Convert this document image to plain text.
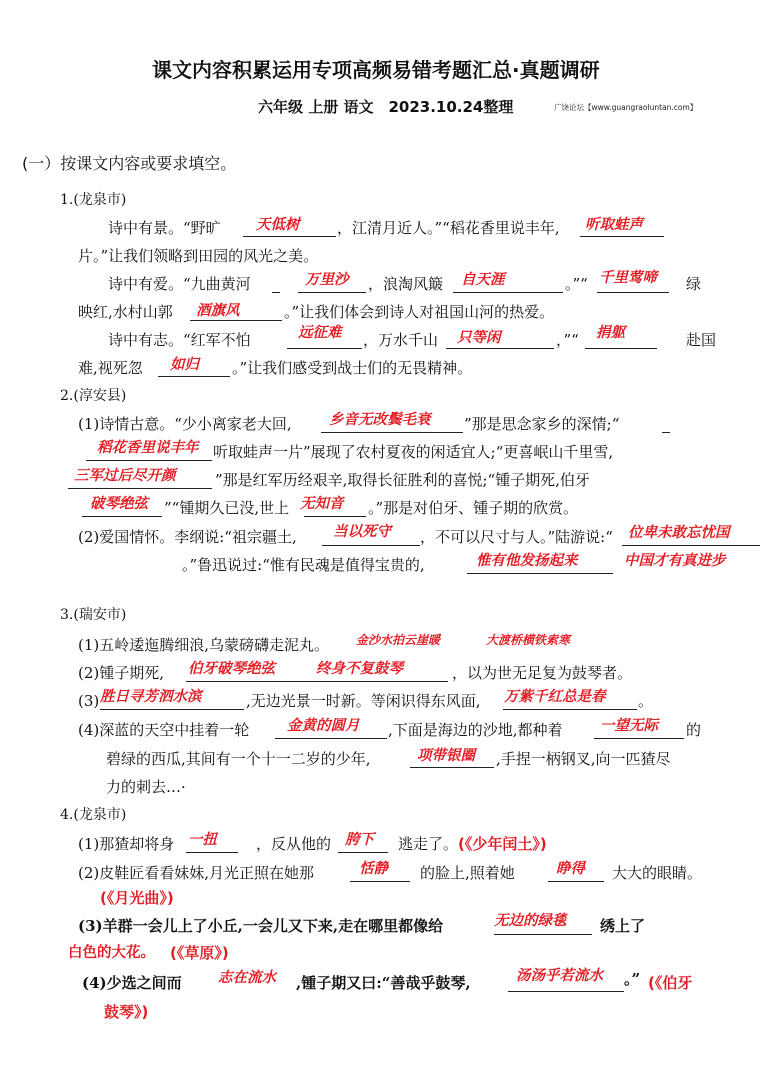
课文内容积累运用专项高频易错考题汇总·真题调研
六年级 上册 语文　2023.10.24整理	广饶论坛【www.guangraoluntan.com】
(一）按课文内容或要求填空。
1.(龙泉市)
诗中有景。“野旷 天低树	，江清月近人。”“稻花香里说丰年, 听取蛙声
片。”让我们领略到田园的风光之美。
诗中有爱。“九曲黄河	万里沙 ，浪淘风簸 自天涯	。”“ 千里莺啼 绿
映红,水村山郭 酒旗风	。”让我们体会到诗人对祖国山河的热爱。
诗中有志。“红军不怕	远征难 ，万水千山 只等闲	，”“ 捐躯	赴国
难,视死忽 如归 。”让我们感受到战士们的无畏精神。
2.(淳安县)
(1)诗情古意。“少小离家老大回,	乡音无改鬓毛衰 ”那是思念家乡的深情;“
稻花香里说丰年 听取蛙声一片”展现了农村夏夜的闲适宜人;“更喜岷山千里雪,
三军过后尽开颜	”那是红军历经艰辛,取得长征胜利的喜悦;“锺子期死,伯牙
破琴绝弦 ”“锺期久已没,世上 无知音 。”那是对伯牙、锺子期的欣赏。
(2)爱国情怀。李纲说:“祖宗疆土,	当以死守 ，不可以尺寸与人。”陆游说:“ 位卑未敢忘忧国
。”鲁迅说过:“惟有民魂是值得宝贵的,	惟有他发扬起来	中国才有真进步
3.(瑞安市)
(1)五岭逶迤腾细浪,乌蒙磅礴走泥丸。 金沙水拍云崖暖	大渡桥横铁索寒
(2)锺子期死, 伯牙破琴绝弦	终身不复鼓琴	，以为世无足复为鼓琴者。
(3) 胜日寻芳泗水滨	,无边光景一时新。等闲识得东风面, 万紫千红总是春 。
(4)深蓝的天空中挂着一轮	金黄的圆月 ,下面是海边的沙地,都种着	一望无际 的
碧绿的西瓜,其间有一个十一二岁的少年,	项带银圈 ,手捏一柄钢叉,向一匹猹尽
力的刺去…·
4.(龙泉市)
(1)那猹却将身 一扭	，反从他的 胯下 逃走了。 (《少年闰土》)
(2)皮鞋匠看看妹妹,月光正照在她那	恬静 的脸上,照着她	睁得 大大的眼睛。
(《月光曲》)
(3)羊群一会儿上了小丘,一会儿又下来,走在哪里都像给	无边的绿毯 绣上了
白色的大花。 (《草原》)
(4)少选之间而	志在流水 ,锺子期又曰:“善哉乎鼓琴,	汤汤乎若流水 。” (《伯牙
鼓琴》)
